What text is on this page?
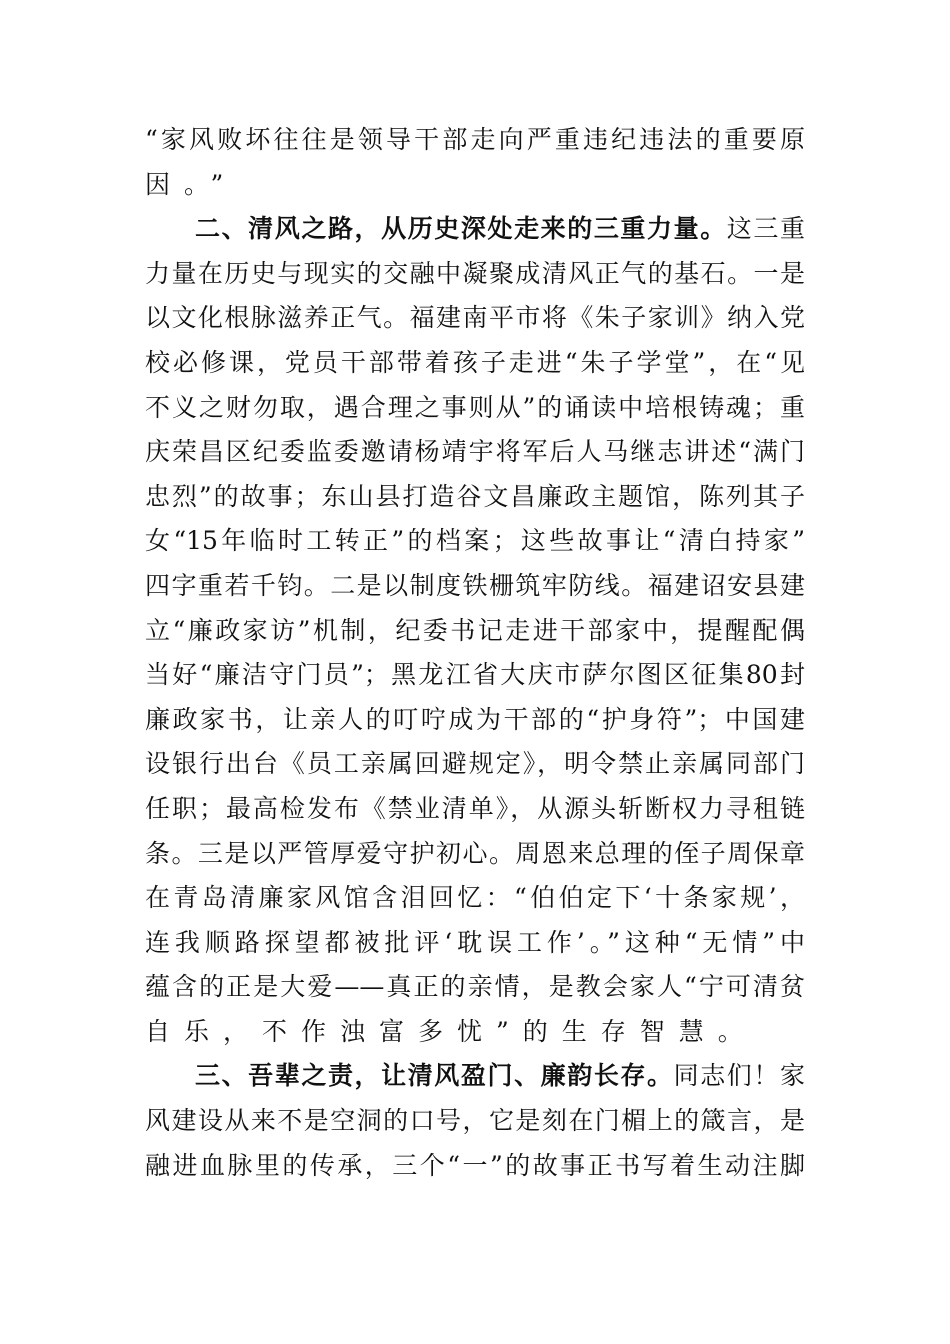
“家风败坏往往是领导干部走向严重违纪违法的重要原
因。”
二、清风之路，从历史深处走来的三重力量。这三重
力量在历史与现实的交融中凝聚成清风正气的基石。一是
以文化根脉滋养正气。福建南平市将《朱子家训》纳入党
校必修课，党员干部带着孩子走进“朱子学堂”，在“见
不义之财勿取，遇合理之事则从”的诵读中培根铸魂；重
庆荣昌区纪委监委邀请杨靖宇将军后人马继志讲述“满门
忠烈”的故事；东山县打造谷文昌廉政主题馆，陈列其子
女“15年临时工转正”的档案；这些故事让“清白持家”
四字重若千钧。二是以制度铁栅筑牢防线。福建诏安县建
立“廉政家访”机制，纪委书记走进干部家中，提醒配偶
当好“廉洁守门员”；黑龙江省大庆市萨尔图区征集80封
廉政家书，让亲人的叮咛成为干部的“护身符”；中国建
设银行出台《员工亲属回避规定》，明令禁止亲属同部门
任职；最高检发布《禁业清单》，从源头斩断权力寻租链
条。三是以严管厚爱守护初心。周恩来总理的侄子周保章
在青岛清廉家风馆含泪回忆：“伯伯定下‘十条家规’，
连我顺路探望都被批评‘耽误工作’。”这种“无情”中
蕴含的正是大爱——真正的亲情，是教会家人“宁可清贫
自乐，不作浊富多忧”的生存智慧。
三、吾辈之责，让清风盈门、廉韵长存。同志们！家
风建设从来不是空洞的口号，它是刻在门楣上的箴言，是
融进血脉里的传承，三个“一”的故事正书写着生动注脚
